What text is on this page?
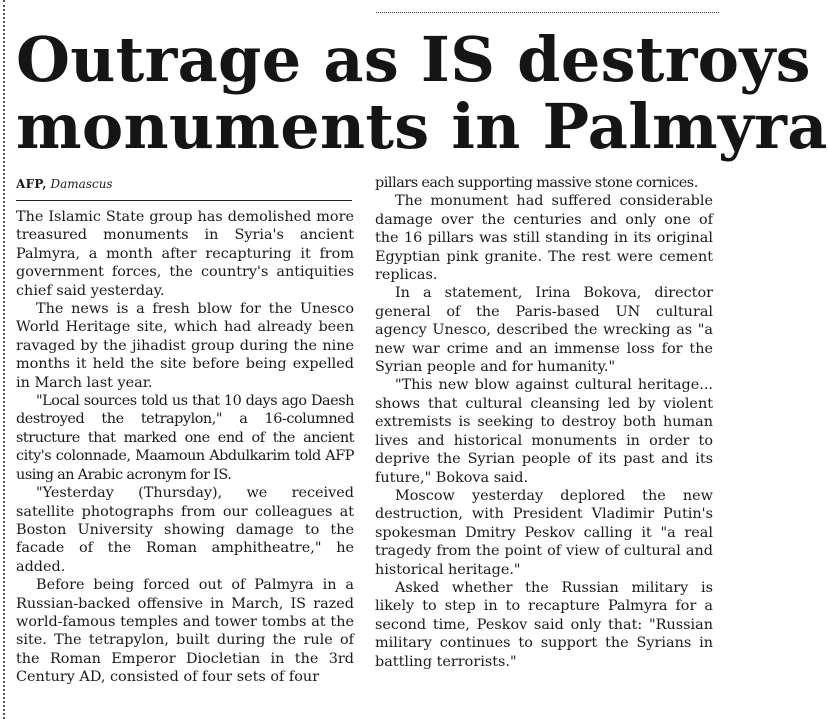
Outrage as IS destroys
monuments in Palmyra
AFP, Damascus

The Islamic State group has demolished more treasured monuments in Syria's ancient Palmyra, a month after recapturing it from government forces, the country's antiquities chief said yesterday.

The news is a fresh blow for the Unesco World Heritage site, which had already been ravaged by the jihadist group during the nine months it held the site before being expelled in March last year.

"Local sources told us that 10 days ago Daesh destroyed the tetrapylon," a 16-columned structure that marked one end of the ancient city's colonnade, Maamoun Abdulkarim told AFP using an Arabic acronym for IS.

"Yesterday (Thursday), we received satellite photographs from our colleagues at Boston University showing damage to the facade of the Roman amphitheatre," he added.

Before being forced out of Palmyra in a Russian-backed offensive in March, IS razed world-famous temples and tower tombs at the site. The tetrapylon, built during the rule of the Roman Emperor Diocletian in the 3rd Century AD, consisted of four sets of four

pillars each supporting massive stone cornices.

The monument had suffered considerable damage over the centuries and only one of the 16 pillars was still standing in its original Egyptian pink granite. The rest were cement replicas.

In a statement, Irina Bokova, director general of the Paris-based UN cultural agency Unesco, described the wrecking as "a new war crime and an immense loss for the Syrian people and for humanity."

"This new blow against cultural heritage... shows that cultural cleansing led by violent extremists is seeking to destroy both human lives and historical monuments in order to deprive the Syrian people of its past and its future," Bokova said.

Moscow yesterday deplored the new destruction, with President Vladimir Putin's spokesman Dmitry Peskov calling it "a real tragedy from the point of view of cultural and historical heritage."

Asked whether the Russian military is likely to step in to recapture Palmyra for a second time, Peskov said only that: "Russian military continues to support the Syrians in battling terrorists."
